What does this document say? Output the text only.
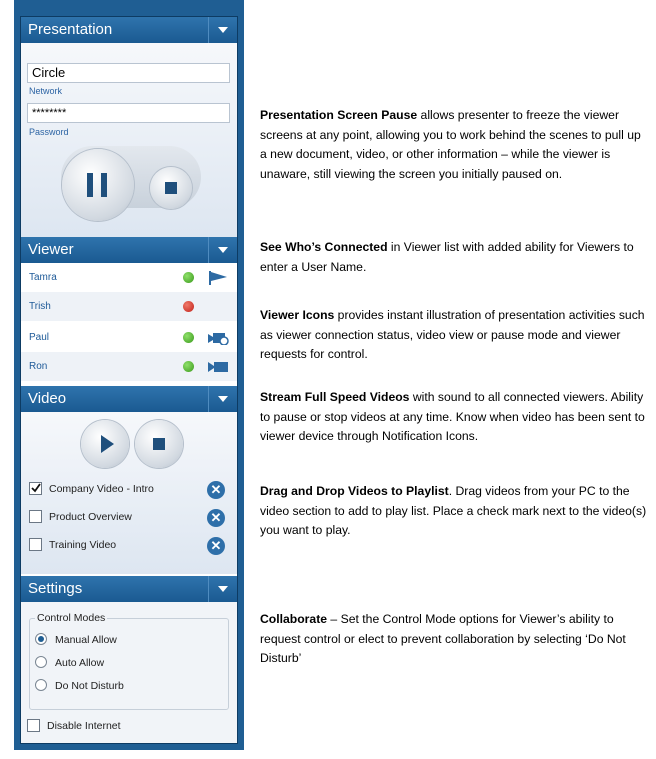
Presentation
Circle
Network
********
Password
Viewer
Tamra
Trish
Paul
Ron
Video
Company Video - Intro	✕
Product Overview	✕
Training Video	✕
Settings
Control Modes
Manual Allow
Auto Allow
Do Not Disturb
Disable Internet
Presentation Screen Pause allows presenter to freeze the viewer screens at any point, allowing you to work behind the scenes to pull up a new document, video, or other information – while the viewer is unaware, still viewing the screen you initially paused on.
See Who’s Connected in Viewer list with added ability for Viewers to enter a User Name.
Viewer Icons provides instant illustration of presentation activities such as viewer connection status, video view or pause mode and viewer requests for control.
Stream Full Speed Videos with sound to all connected viewers. Ability to pause or stop videos at any time. Know when video has been sent to viewer device through Notification Icons.
Drag and Drop Videos to Playlist. Drag videos from your PC to the video section to add to play list. Place a check mark next to the video(s) you want to play.
Collaborate – Set the Control Mode options for Viewer’s ability to request control or elect to prevent collaboration by selecting ‘Do Not Disturb’
